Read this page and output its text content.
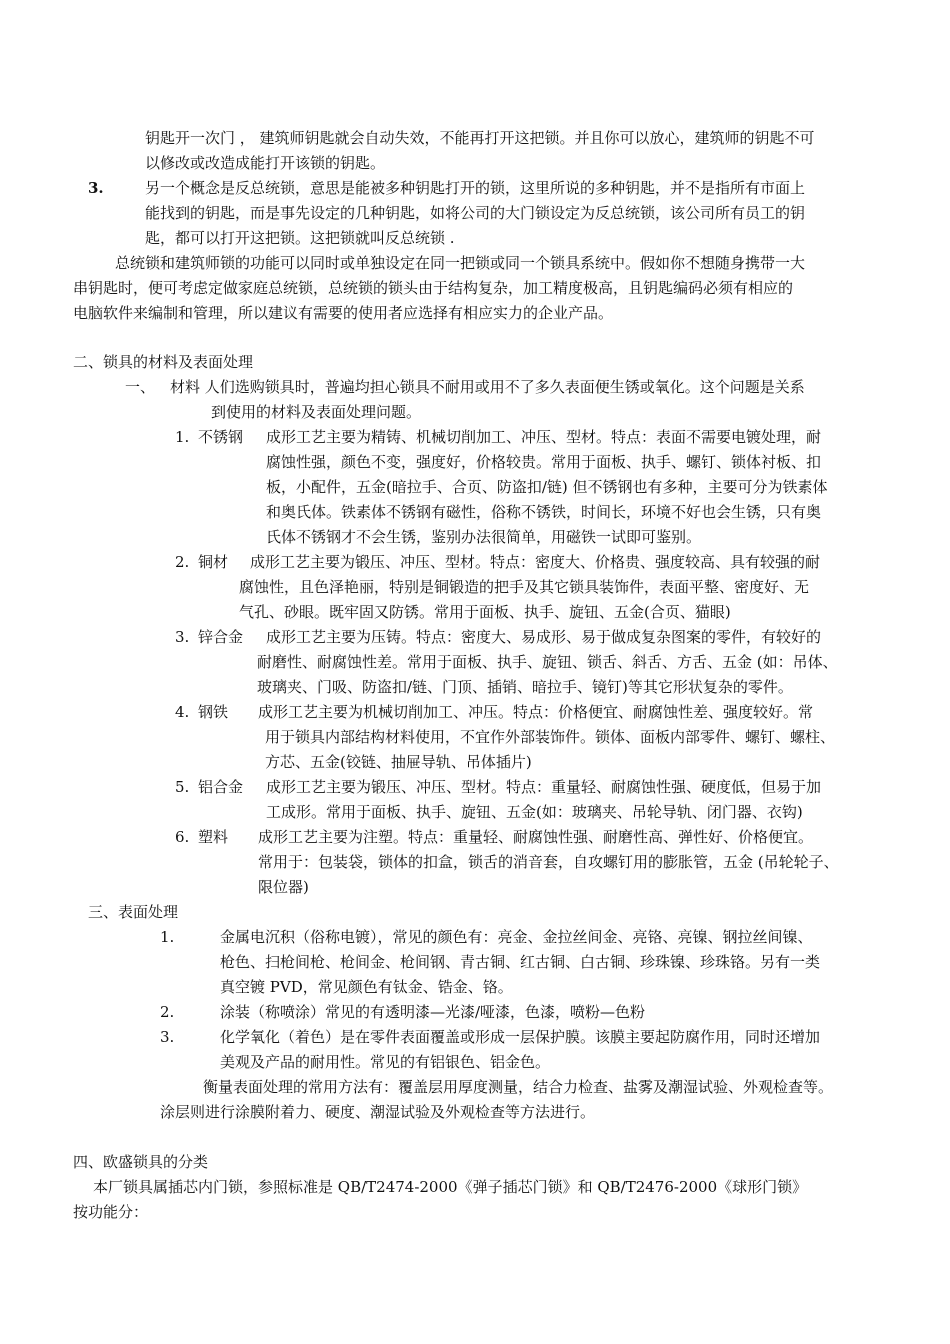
钥匙开一次门 ， 建筑师钥匙就会自动失效，不能再打开这把锁。并且你可以放心，建筑师的钥匙不可
以修改或改造成能打开该锁的钥匙。
3.	另一个概念是反总统锁，意思是能被多种钥匙打开的锁，这里所说的多种钥匙，并不是指所有市面上
能找到的钥匙，而是事先设定的几种钥匙，如将公司的大门锁设定为反总统锁，该公司所有员工的钥
匙，都可以打开这把锁。这把锁就叫反总统锁 .
总统锁和建筑师锁的功能可以同时或单独设定在同一把锁或同一个锁具系统中。假如你不想随身携带一大
串钥匙时，便可考虑定做家庭总统锁，总统锁的锁头由于结构复杂，加工精度极高，且钥匙编码必须有相应的
电脑软件来编制和管理，所以建议有需要的使用者应选择有相应实力的企业产品。
二、锁具的材料及表面处理
一、 材料 人们选购锁具时，普遍均担心锁具不耐用或用不了多久表面便生锈或氧化。这个问题是关系
到使用的材料及表面处理问题。
1. 不锈钢 成形工艺主要为精铸、机械切削加工、冲压、型材。特点：表面不需要电镀处理，耐
腐蚀性强，颜色不变，强度好，价格较贵。常用于面板、执手、螺钉、锁体衬板、扣
板，小配件，五金(暗拉手、合页、防盗扣/链) 但不锈钢也有多种，主要可分为铁素体
和奥氏体。铁素体不锈钢有磁性，俗称不锈铁，时间长，环境不好也会生锈，只有奥
氏体不锈钢才不会生锈，鉴别办法很简单，用磁铁一试即可鉴别。
2. 铜材 成形工艺主要为锻压、冲压、型材。特点：密度大、价格贵、强度较高、具有较强的耐
腐蚀性，且色泽艳丽，特别是铜锻造的把手及其它锁具装饰件，表面平整、密度好、无
气孔、砂眼。既牢固又防锈。常用于面板、执手、旋钮、五金(合页、猫眼)
3. 锌合金 成形工艺主要为压铸。特点：密度大、易成形、易于做成复杂图案的零件，有较好的
耐磨性、耐腐蚀性差。常用于面板、执手、旋钮、锁舌、斜舌、方舌、五金 (如：吊体、
玻璃夹、门吸、防盗扣/链、门顶、插销、暗拉手、镜钉)等其它形状复杂的零件。
4. 钢铁 成形工艺主要为机械切削加工、冲压。特点：价格便宜、耐腐蚀性差、强度较好。常
用于锁具内部结构材料使用，不宜作外部装饰件。锁体、面板内部零件、螺钉、螺柱、
方芯、五金(铰链、抽屉导轨、吊体插片)
5. 铝合金 成形工艺主要为锻压、冲压、型材。特点：重量轻、耐腐蚀性强、硬度低，但易于加
工成形。常用于面板、执手、旋钮、五金(如：玻璃夹、吊轮导轨、闭门器、衣钩)
6. 塑料 成形工艺主要为注塑。特点：重量轻、耐腐蚀性强、耐磨性高、弹性好、价格便宜。
常用于：包装袋，锁体的扣盒，锁舌的消音套，自攻螺钉用的膨胀管，五金 (吊轮轮子、
限位器)
三、表面处理
1.	金属电沉积（俗称电镀），常见的颜色有：亮金、金拉丝间金、亮铬、亮镍、钢拉丝间镍、
枪色、扫枪间枪、枪间金、枪间钢、青古铜、红古铜、白古铜、珍珠镍、珍珠铬。另有一类
真空镀 PVD，常见颜色有钛金、锆金、铬。
2.	涂装（称喷涂）常见的有透明漆—光漆/哑漆，色漆，喷粉—色粉
3.	化学氧化（着色）是在零件表面覆盖或形成一层保护膜。该膜主要起防腐作用，同时还增加
美观及产品的耐用性。常见的有铝银色、铝金色。
衡量表面处理的常用方法有：覆盖层用厚度测量，结合力检查、盐雾及潮湿试验、外观检查等。
涂层则进行涂膜附着力、硬度、潮湿试验及外观检查等方法进行。
四、欧盛锁具的分类
本厂锁具属插芯内门锁，参照标准是 QB/T2474-2000《弹子插芯门锁》和 QB/T2476-2000《球形门锁》
按功能分：
